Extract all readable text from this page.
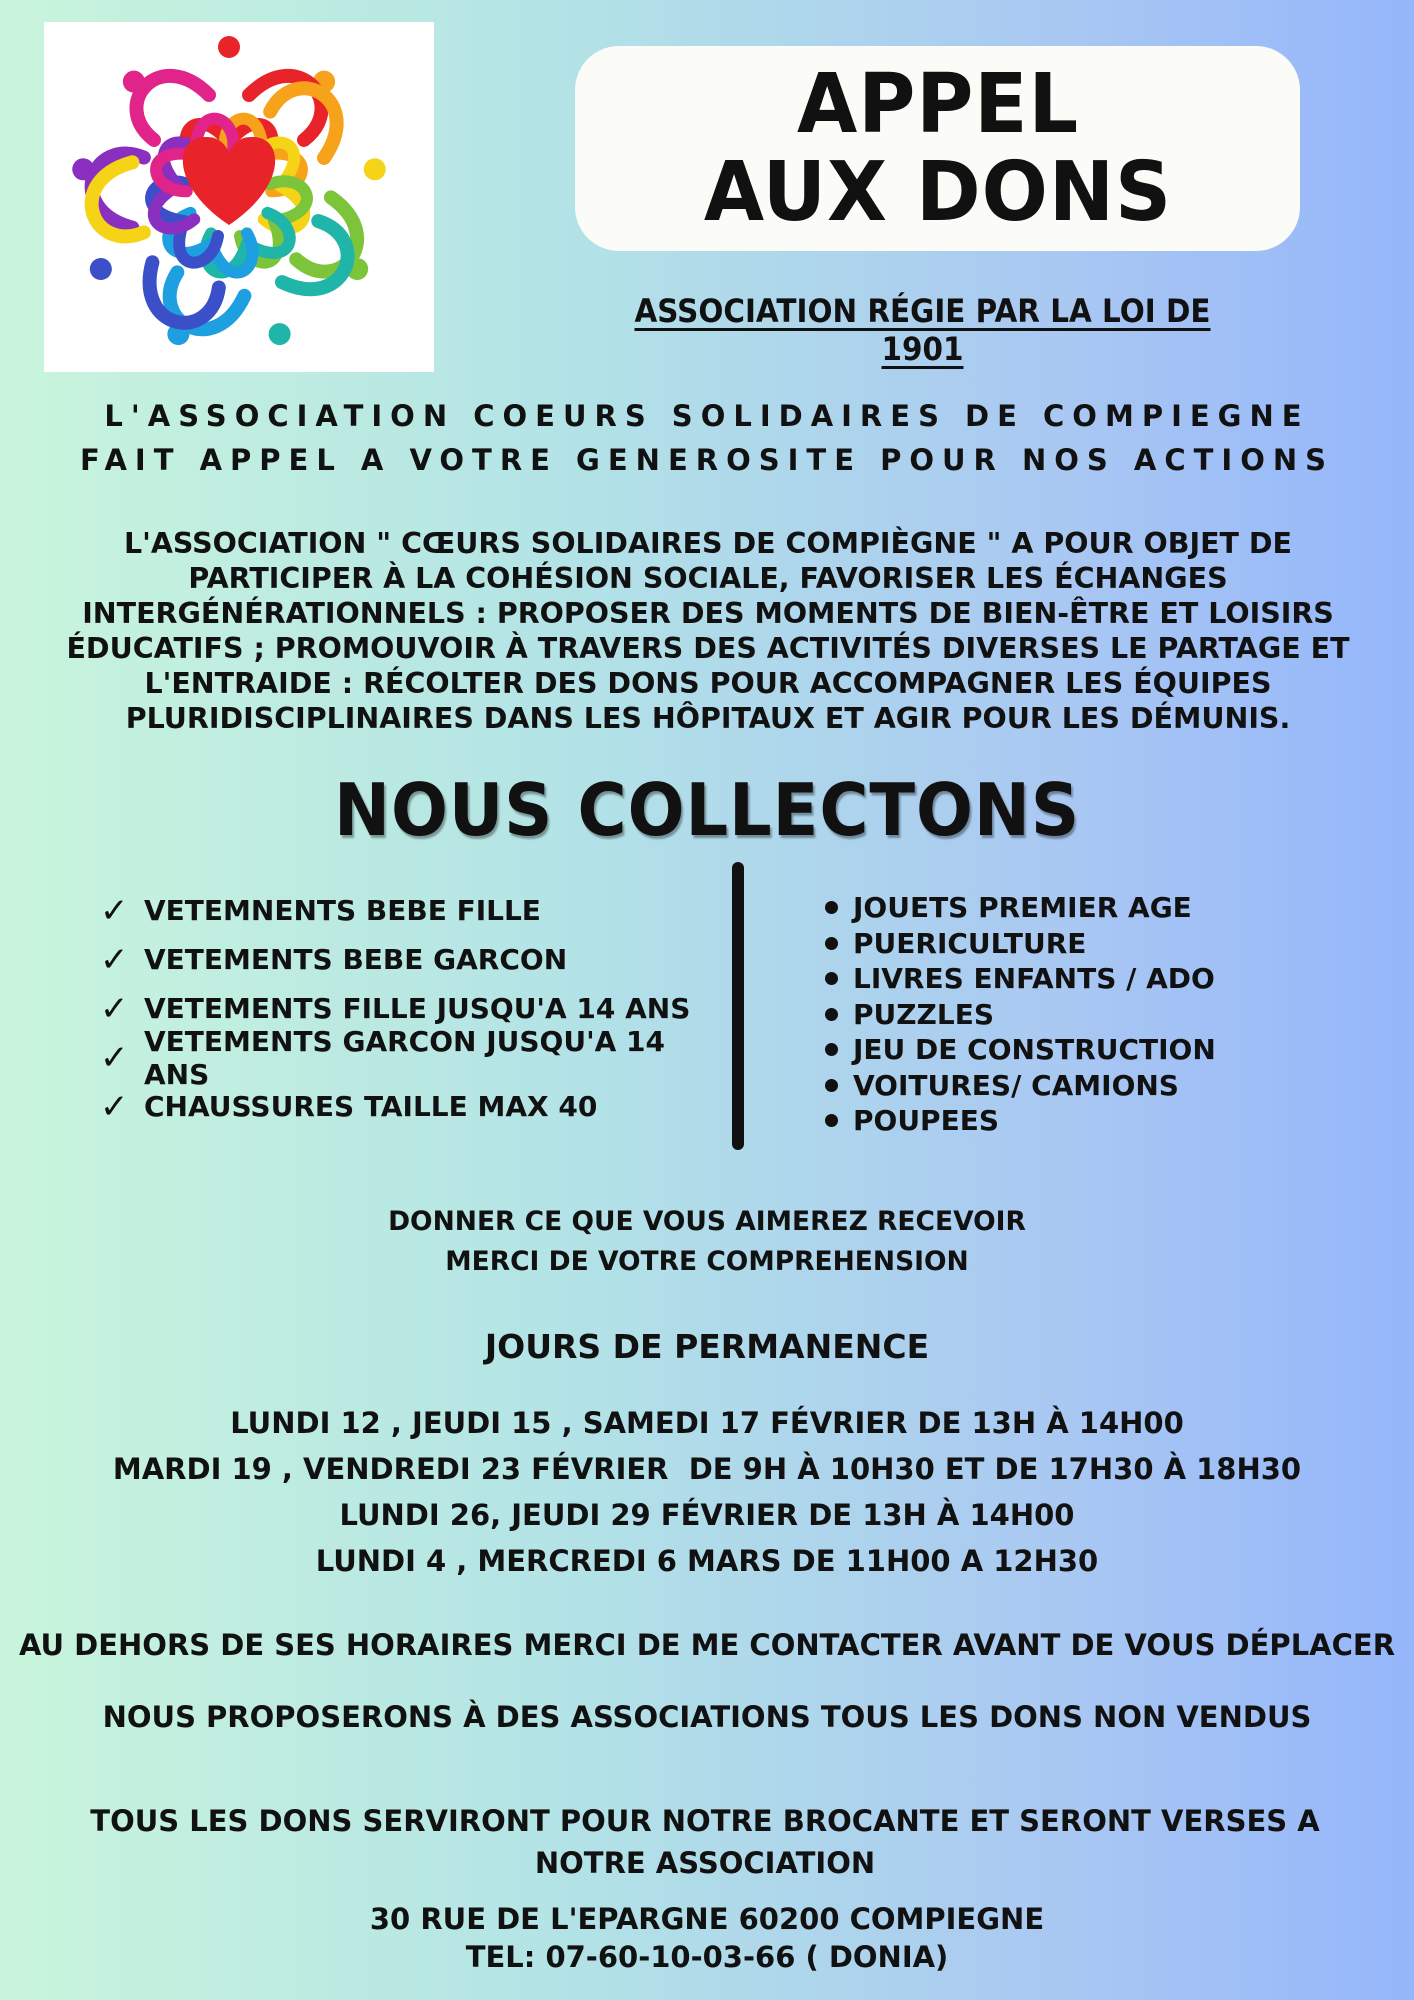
APPEL AUX DONS
ASSOCIATION RÉGIE PAR LA LOI DE 1901
L'ASSOCIATION COEURS SOLIDAIRES DE COMPIEGNE
FAIT APPEL A VOTRE GENEROSITE POUR NOS ACTIONS
L'ASSOCIATION " CŒURS SOLIDAIRES DE COMPIÈGNE " A POUR OBJET DE PARTICIPER À LA COHÉSION SOCIALE, FAVORISER LES ÉCHANGES INTERGÉNÉRATIONNELS : PROPOSER DES MOMENTS DE BIEN-ÊTRE ET LOISIRS ÉDUCATIFS ; PROMOUVOIR À TRAVERS DES ACTIVITÉS DIVERSES LE PARTAGE ET L'ENTRAIDE : RÉCOLTER DES DONS POUR ACCOMPAGNER LES ÉQUIPES PLURIDISCIPLINAIRES DANS LES HÔPITAUX ET AGIR POUR LES DÉMUNIS.
NOUS COLLECTONS
✓ VETEMNENTS BEBE FILLE
✓ VETEMENTS BEBE GARCON
✓ VETEMENTS FILLE JUSQU'A 14 ANS
✓ VETEMENTS GARCON JUSQU'A 14 ANS
✓ CHAUSSURES TAILLE MAX 40
JOUETS PREMIER AGE
PUERICULTURE
LIVRES ENFANTS / ADO
PUZZLES
JEU DE CONSTRUCTION
VOITURES/ CAMIONS
POUPEES
DONNER CE QUE VOUS AIMEREZ RECEVOIR
MERCI DE VOTRE COMPREHENSION
JOURS DE PERMANENCE
LUNDI 12 , JEUDI 15 , SAMEDI 17 FÉVRIER DE 13H À 14H00
MARDI 19 , VENDREDI 23 FÉVRIER  DE 9H À 10H30 ET DE 17H30 À 18H30
LUNDI 26, JEUDI 29 FÉVRIER DE 13H À 14H00
LUNDI 4 , MERCREDI 6 MARS DE 11H00 A 12H30
AU DEHORS DE SES HORAIRES MERCI DE ME CONTACTER AVANT DE VOUS DÉPLACER
NOUS PROPOSERONS À DES ASSOCIATIONS TOUS LES DONS NON VENDUS
TOUS LES DONS SERVIRONT POUR NOTRE BROCANTE ET SERONT VERSES A NOTRE ASSOCIATION
30 RUE DE L'EPARGNE 60200 COMPIEGNE
TEL: 07-60-10-03-66 ( DONIA)
